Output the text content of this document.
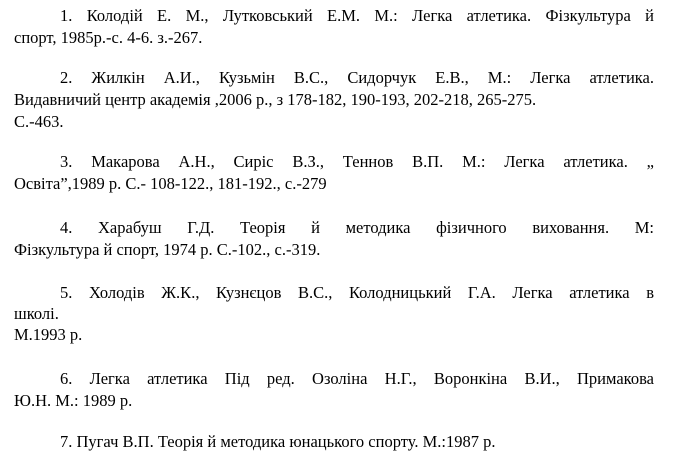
1. Колодій Е. М., Лутковський Е.М. М.: Легка атлетика. Фізкультура й
спорт, 1985р.-с. 4-6. з.-267.
2. Жилкін А.И., Кузьмін В.С., Сидорчук Е.В., М.: Легка атлетика.
Видавничий центр академія ,2006 р., з 178-182, 190-193, 202-218, 265-275.
С.-463.
3. Макарова А.Н., Сиріс В.З., Теннов В.П. М.: Легка атлетика. „
Освіта”,1989 р. С.- 108-122., 181-192., с.-279
4. Харабуш Г.Д. Теорія й методика фізичного виховання. М:
Фізкультура й спорт, 1974 р. С.-102., с.-319.
5. Холодів Ж.К., Кузнєцов В.С., Колодницький Г.А. Легка атлетика в
школі.
М.1993 р.
6. Легка атлетика Під ред. Озоліна Н.Г., Воронкіна В.И., Примакова
Ю.Н. М.: 1989 р.
7. Пугач В.П. Теорія й методика юнацького спорту. М.:1987 р.
